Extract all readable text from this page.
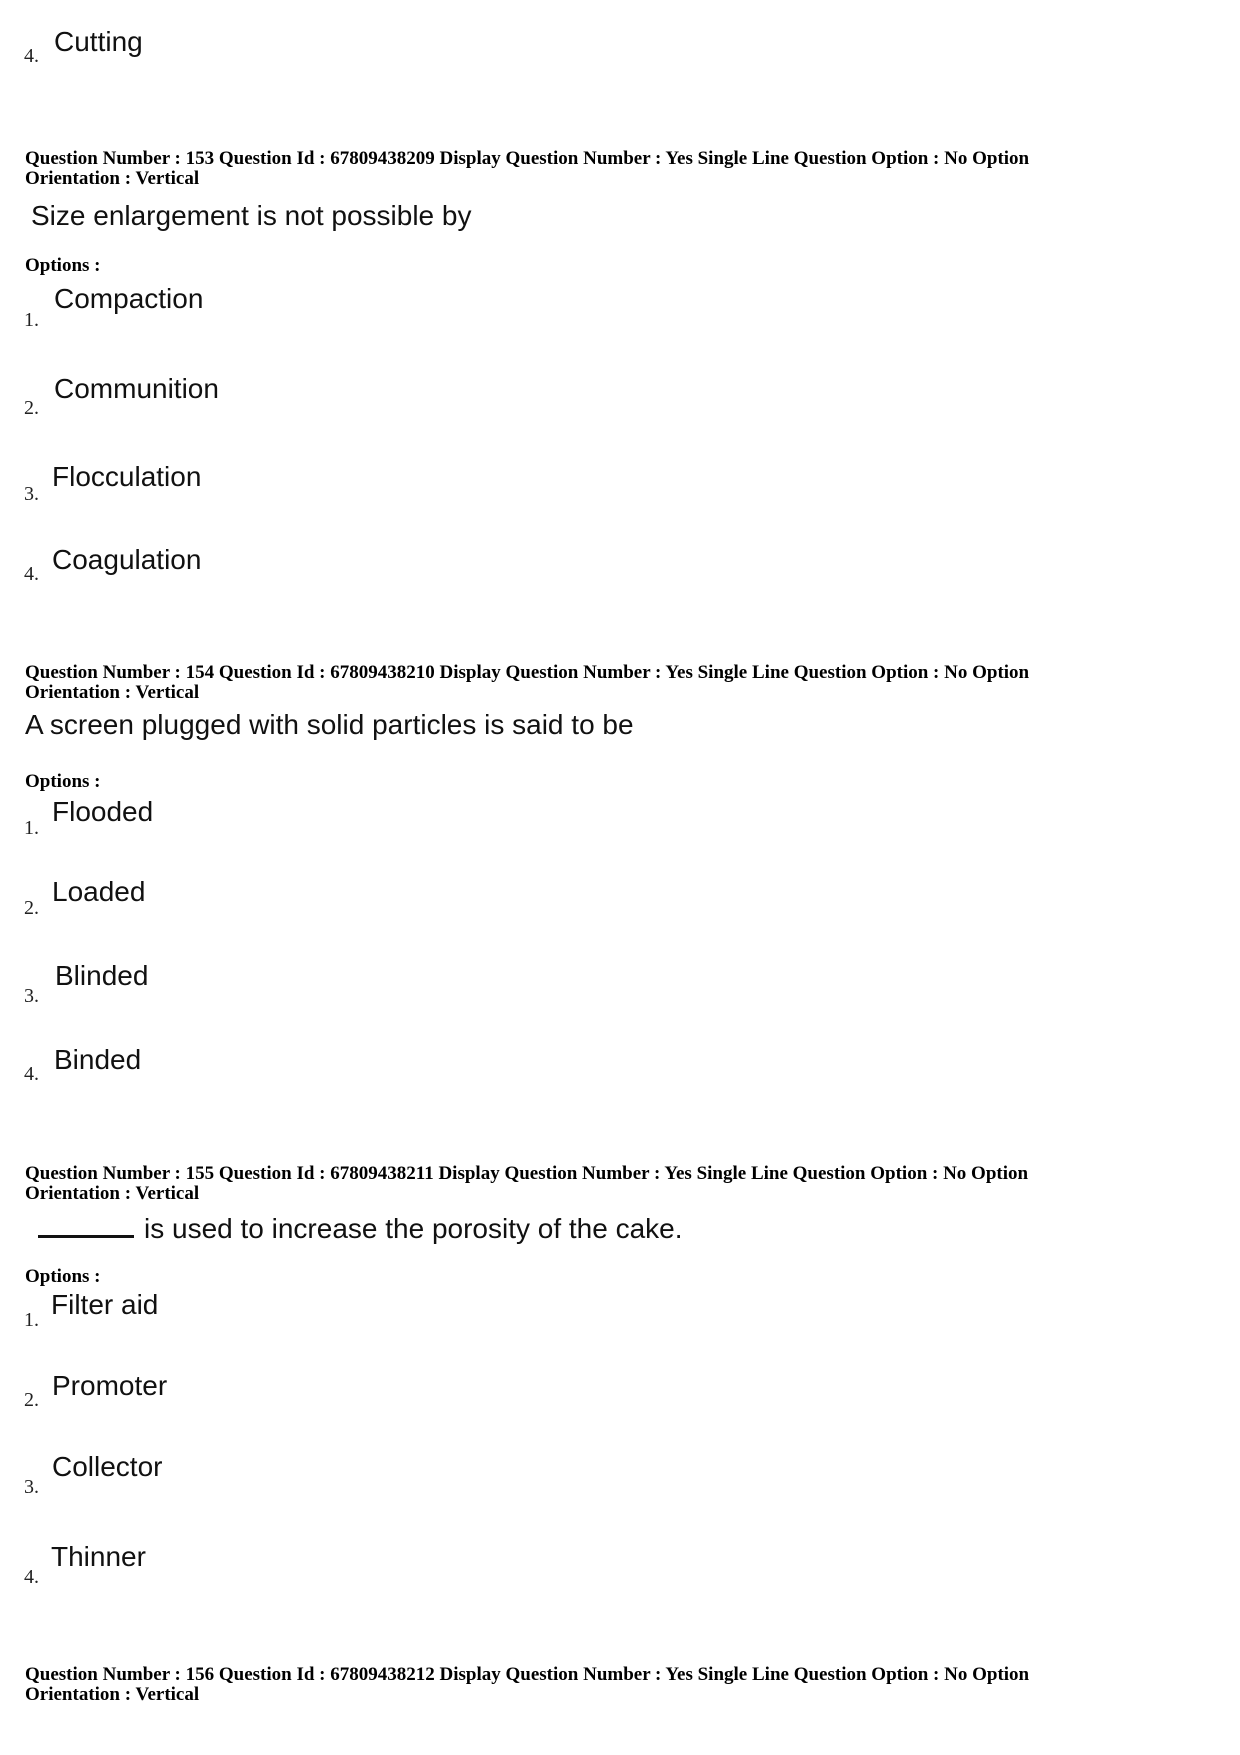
4. Cutting
Question Number : 153 Question Id : 67809438209 Display Question Number : Yes Single Line Question Option : No Option
Orientation : Vertical
Size enlargement is not possible by
Options :
1.
Compaction
2.
Communition
3.
Flocculation
4. Coagulation
Question Number : 154 Question Id : 67809438210 Display Question Number : Yes Single Line Question Option : No Option
Orientation : Vertical
A screen plugged with solid particles is said to be
Options :
1.
Flooded
2.
Loaded
3.
Blinded
4. Binded
Question Number : 155 Question Id : 67809438211 Display Question Number : Yes Single Line Question Option : No Option
Orientation : Vertical
is used to increase the porosity of the cake.
Options :
1. Filter aid
2. Promoter
3.
Collector
4.
Thinner
Question Number : 156 Question Id : 67809438212 Display Question Number : Yes Single Line Question Option : No Option
Orientation : Vertical
